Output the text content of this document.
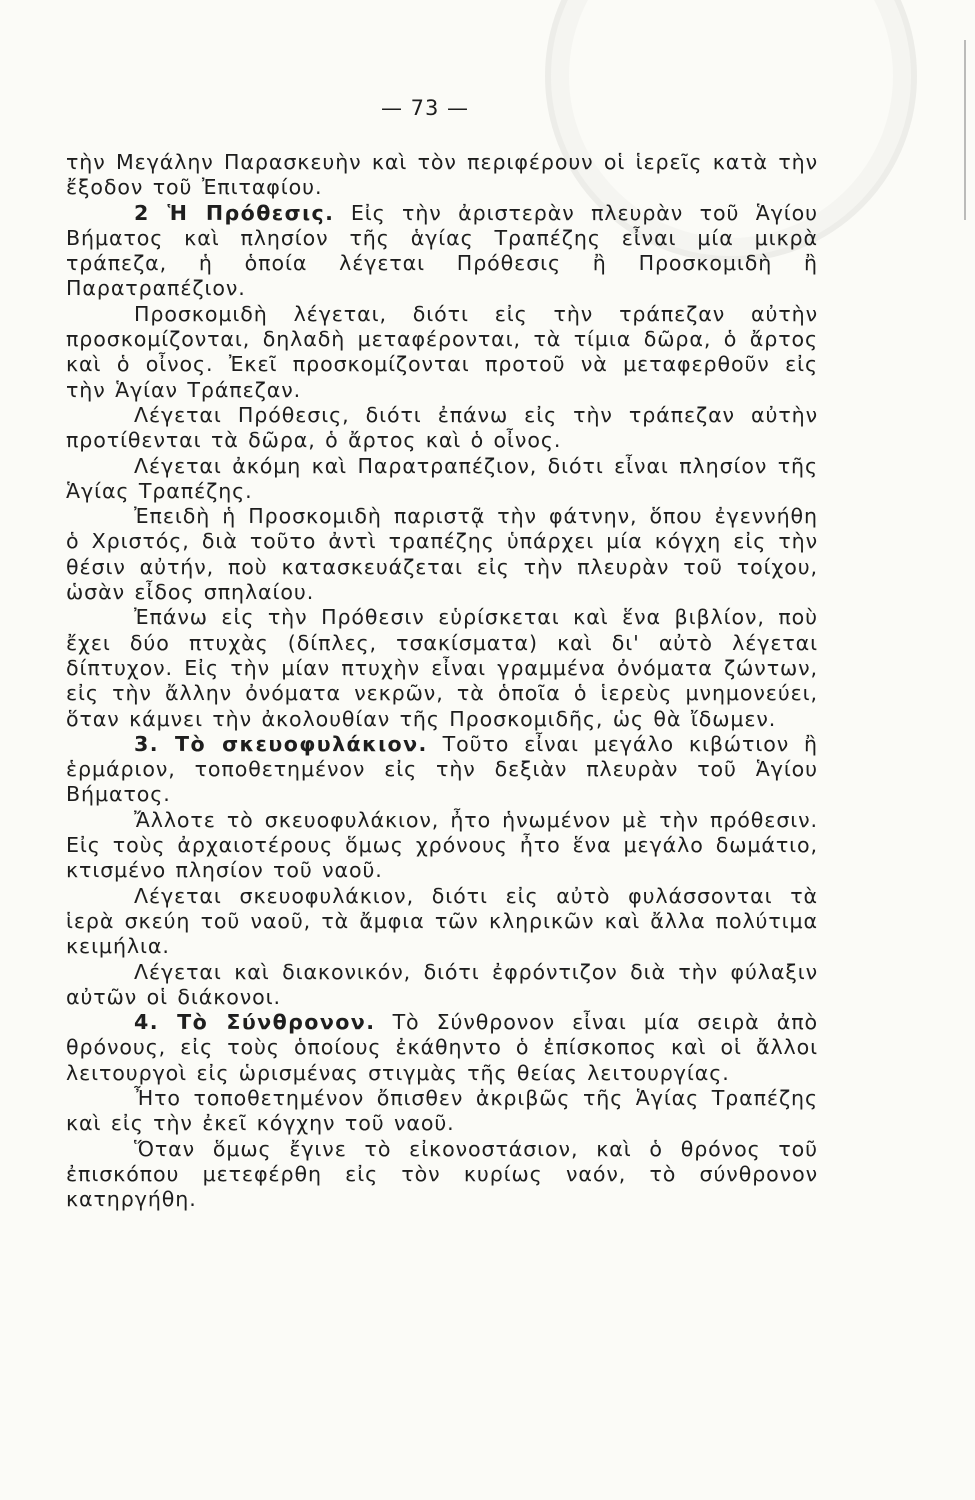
— 73 —

τὴν Μεγάλην Παρασκευὴν καὶ τὸν περιφέρουν οἱ ἱερεῖς κατὰ τὴν ἔξοδον τοῦ Ἐπιταφίου.

2 Ἡ Πρόθεσις. Εἰς τὴν ἀριστερὰν πλευρὰν τοῦ Ἁγίου Βήματος καὶ πλησίον τῆς ἁγίας Τραπέζης εἶναι μία μικρὰ τράπεζα, ἡ ὁποία λέγεται Πρόθεσις ἢ Προσκομιδὴ ἢ Παρατραπέζιον.

Προσκομιδὴ λέγεται, διότι εἰς τὴν τράπεζαν αὐτὴν προσκομίζονται, δηλαδὴ μεταφέρονται, τὰ τίμια δῶρα, ὁ ἄρτος καὶ ὁ οἶνος. Ἐκεῖ προσκομίζονται προτοῦ νὰ μεταφερθοῦν εἰς τὴν Ἁγίαν Τράπεζαν.

Λέγεται Πρόθεσις, διότι ἐπάνω εἰς τὴν τράπεζαν αὐτὴν προτίθενται τὰ δῶρα, ὁ ἄρτος καὶ ὁ οἶνος.

Λέγεται ἀκόμη καὶ Παρατραπέζιον, διότι εἶναι πλησίον τῆς Ἁγίας Τραπέζης.

Ἐπειδὴ ἡ Προσκομιδὴ παριστᾷ τὴν φάτνην, ὅπου ἐγεννήθη ὁ Χριστός, διὰ τοῦτο ἀντὶ τραπέζης ὑπάρχει μία κόγχη εἰς τὴν θέσιν αὐτήν, ποὺ κατασκευάζεται εἰς τὴν πλευρὰν τοῦ τοίχου, ὡσὰν εἶδος σπηλαίου.

Ἐπάνω εἰς τὴν Πρόθεσιν εὑρίσκεται καὶ ἕνα βιβλίον, ποὺ ἔχει δύο πτυχὰς (δίπλες, τσακίσματα) καὶ δι' αὐτὸ λέγεται δίπτυχον. Εἰς τὴν μίαν πτυχὴν εἶναι γραμμένα ὀνόματα ζώντων, εἰς τὴν ἄλλην ὀνόματα νεκρῶν, τὰ ὁποῖα ὁ ἱερεὺς μνημονεύει, ὅταν κάμνει τὴν ἀκολουθίαν τῆς Προσκομιδῆς, ὡς θὰ ἴδωμεν.

3. Τὸ σκευοφυλάκιον. Τοῦτο εἶναι μεγάλο κιβώτιον ἢ ἑρμάριον, τοποθετημένον εἰς τὴν δεξιὰν πλευρὰν τοῦ Ἁγίου Βήματος.

Ἄλλοτε τὸ σκευοφυλάκιον, ἦτο ἡνωμένον μὲ τὴν πρόθεσιν. Εἰς τοὺς ἀρχαιοτέρους ὅμως χρόνους ἦτο ἕνα μεγάλο δωμάτιο, κτισμένο πλησίον τοῦ ναοῦ.

Λέγεται σκευοφυλάκιον, διότι εἰς αὐτὸ φυλάσσονται τὰ ἱερὰ σκεύη τοῦ ναοῦ, τὰ ἄμφια τῶν κληρικῶν καὶ ἄλλα πολύτιμα κειμήλια.

Λέγεται καὶ διακονικόν, διότι ἐφρόντιζον διὰ τὴν φύλαξιν αὐτῶν οἱ διάκονοι.

4. Τὸ Σύνθρονον. Τὸ Σύνθρονον εἶναι μία σειρὰ ἀπὸ θρόνους, εἰς τοὺς ὁποίους ἐκάθηντο ὁ ἐπίσκοπος καὶ οἱ ἄλλοι λειτουργοὶ εἰς ὡρισμένας στιγμὰς τῆς θείας λειτουργίας.

Ἦτο τοποθετημένον ὄπισθεν ἀκριβῶς τῆς Ἁγίας Τραπέζης καὶ εἰς τὴν ἐκεῖ κόγχην τοῦ ναοῦ.

Ὅταν ὅμως ἔγινε τὸ εἰκονοστάσιον, καὶ ὁ θρόνος τοῦ ἐπισκόπου μετεφέρθη εἰς τὸν κυρίως ναόν, τὸ σύνθρονον κατηργήθη.
